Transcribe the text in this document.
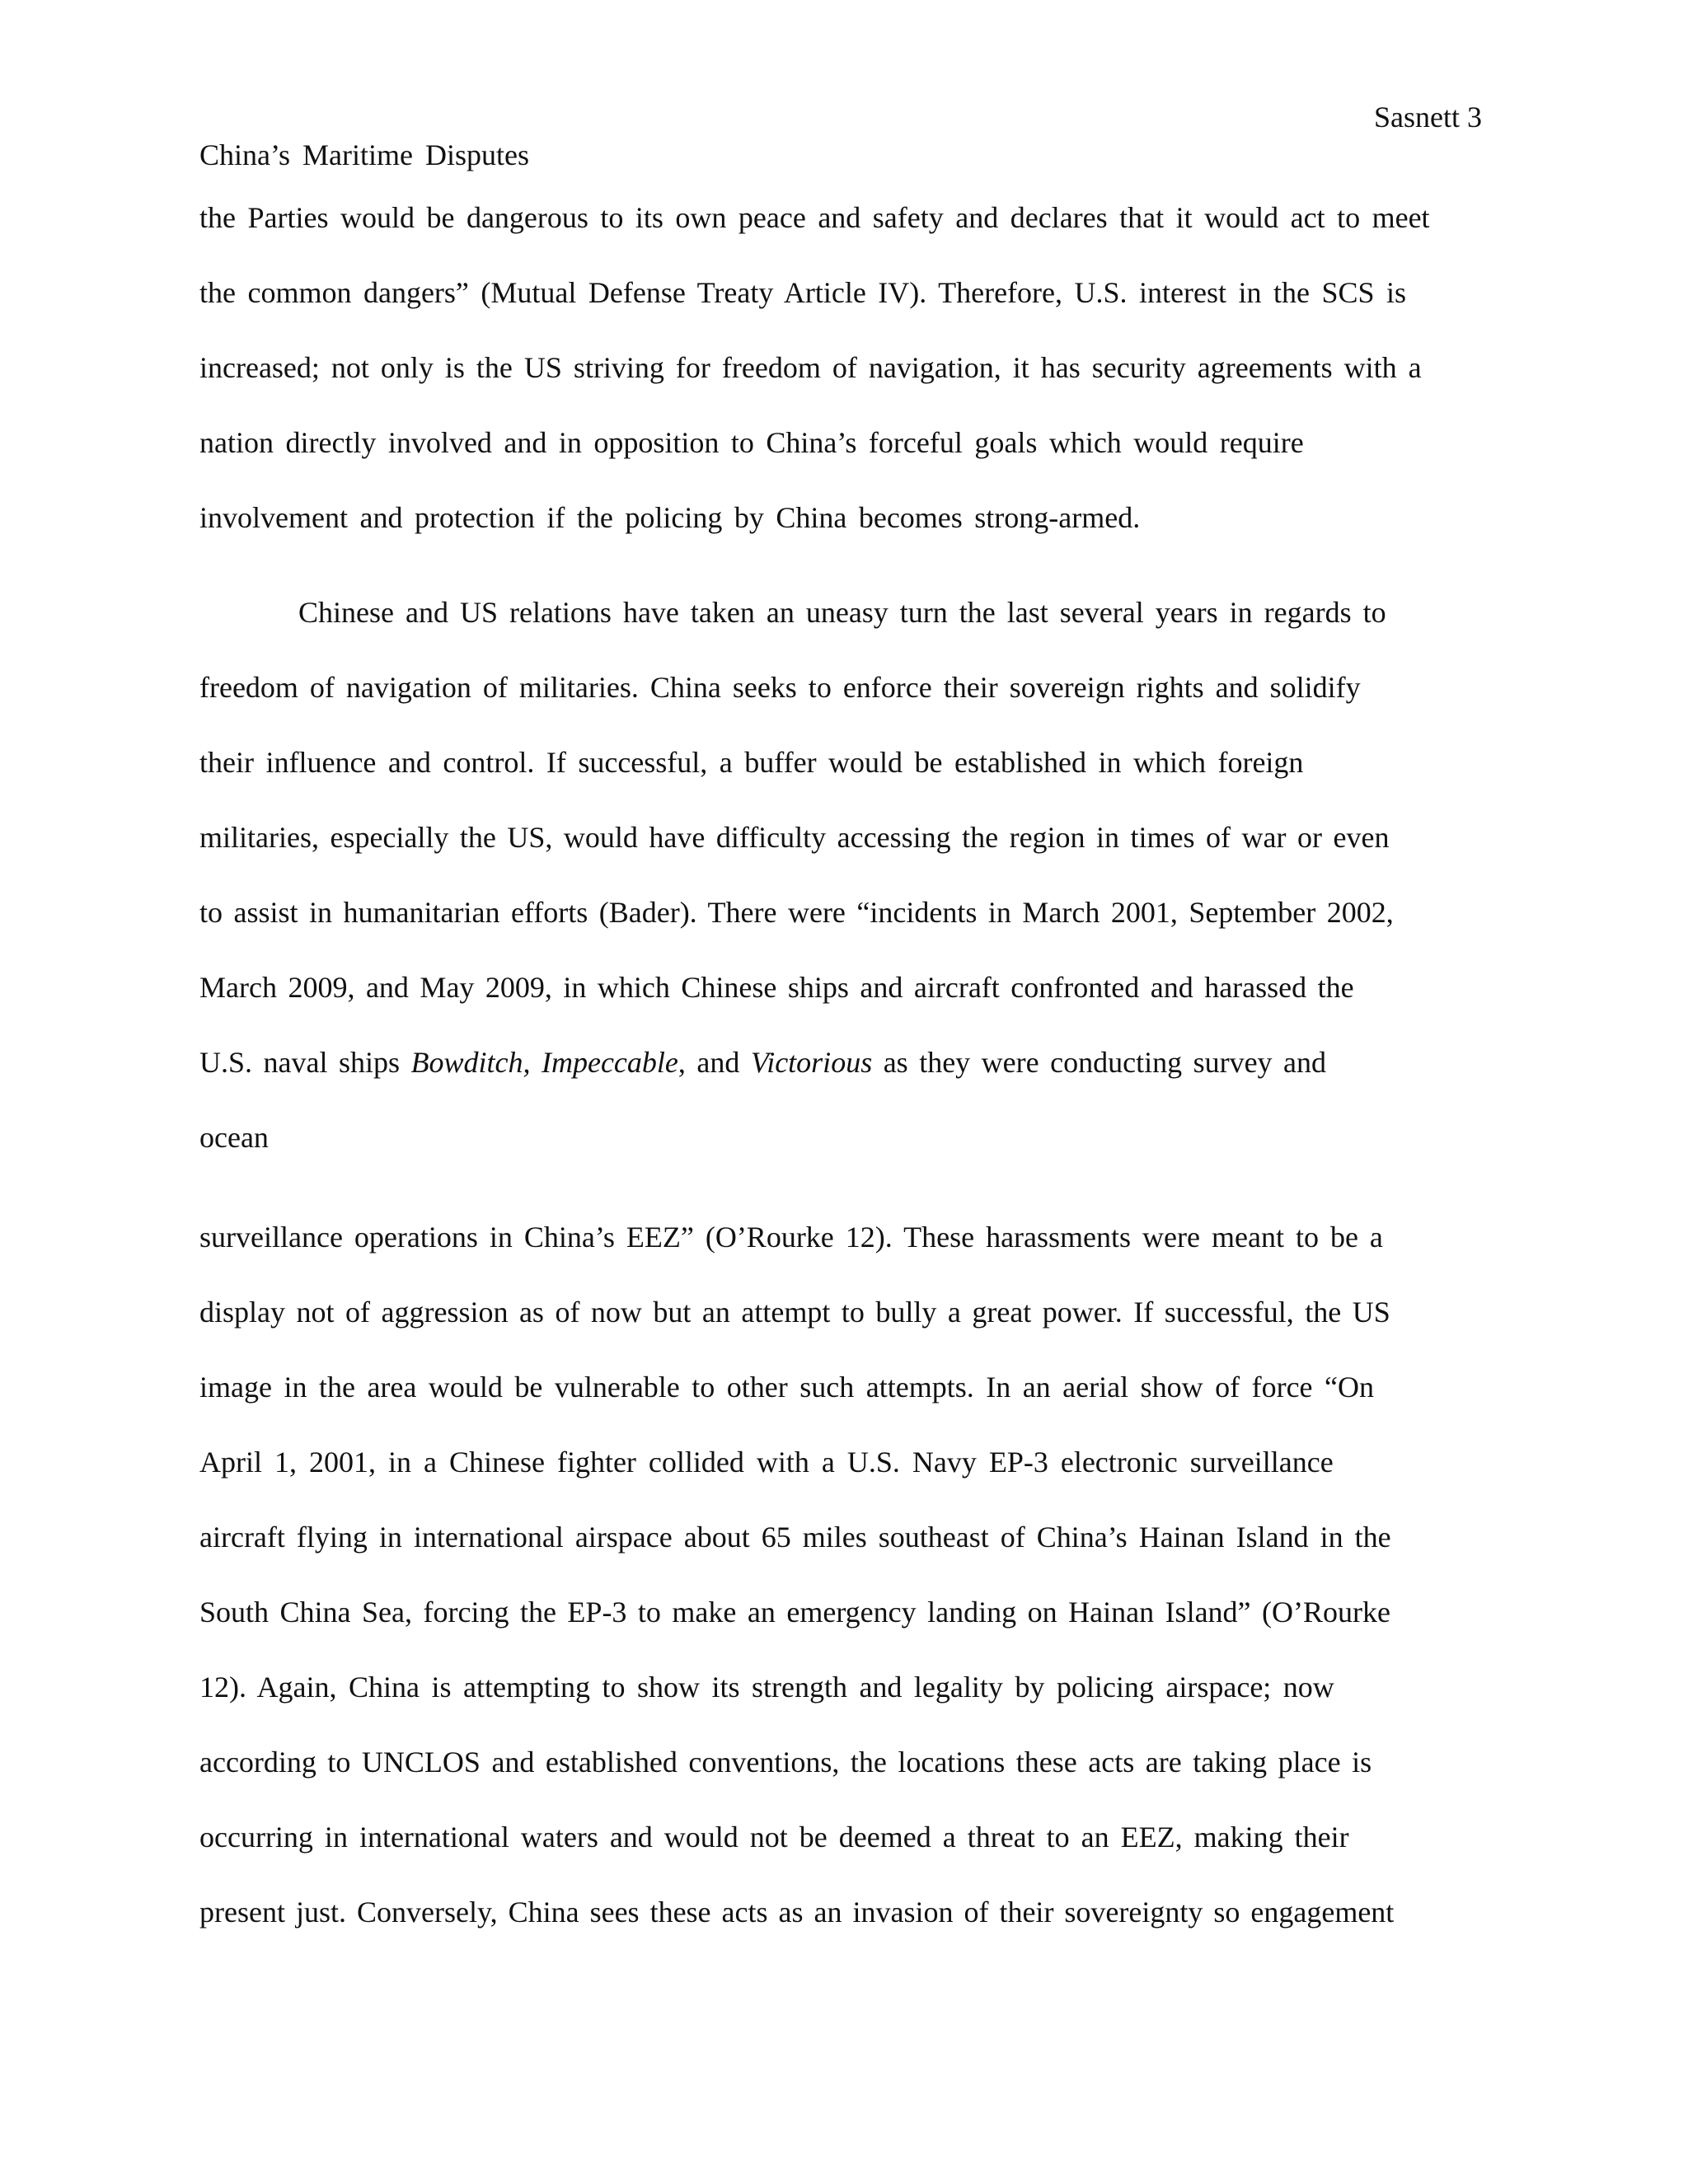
Sasnett 3
China’s Maritime Disputes
the Parties would be dangerous to its own peace and safety and declares that it would act to meet
the common dangers” (Mutual Defense Treaty Article IV). Therefore, U.S. interest in the SCS is
increased; not only is the US striving for freedom of navigation, it has security agreements with a
nation directly involved and in opposition to China’s forceful goals which would require
involvement and protection if the policing by China becomes strong-armed.
Chinese and US relations have taken an uneasy turn the last several years in regards to
freedom of navigation of militaries. China seeks to enforce their sovereign rights and solidify
their influence and control. If successful, a buffer would be established in which foreign
militaries, especially the US, would have difficulty accessing the region in times of war or even
to assist in humanitarian efforts (Bader). There were “incidents in March 2001, September 2002,
March 2009, and May 2009, in which Chinese ships and aircraft confronted and harassed the
U.S. naval ships Bowditch, Impeccable, and Victorious as they were conducting survey and
ocean
surveillance operations in China’s EEZ” (O’Rourke 12). These harassments were meant to be a
display not of aggression as of now but an attempt to bully a great power. If successful, the US
image in the area would be vulnerable to other such attempts. In an aerial show of force “On
April 1, 2001, in a Chinese fighter collided with a U.S. Navy EP-3 electronic surveillance
aircraft flying in international airspace about 65 miles southeast of China’s Hainan Island in the
South China Sea, forcing the EP-3 to make an emergency landing on Hainan Island” (O’Rourke
12). Again, China is attempting to show its strength and legality by policing airspace; now
according to UNCLOS and established conventions, the locations these acts are taking place is
occurring in international waters and would not be deemed a threat to an EEZ, making their
present just. Conversely, China sees these acts as an invasion of their sovereignty so engagement
